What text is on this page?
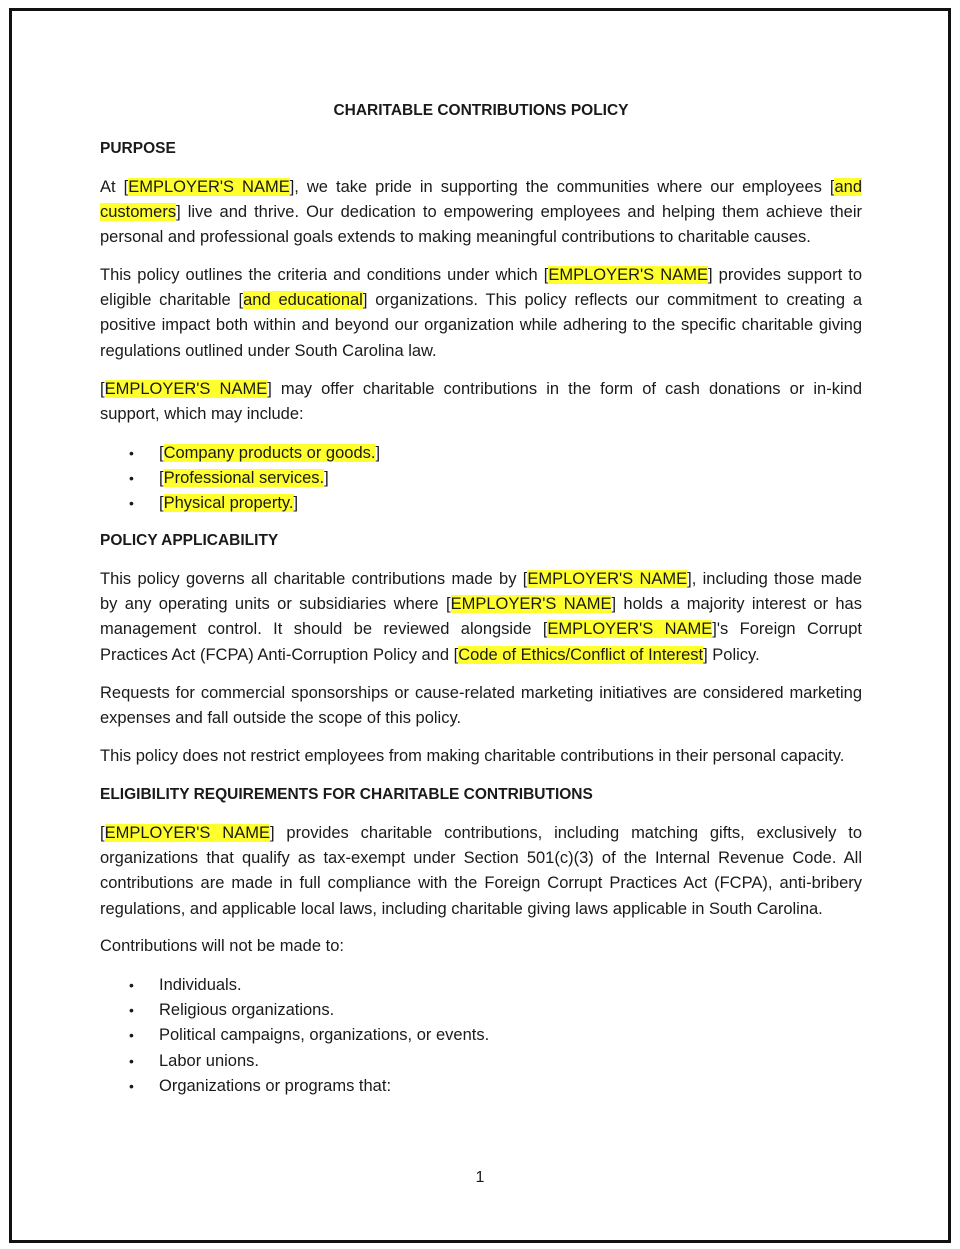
CHARITABLE CONTRIBUTIONS POLICY

PURPOSE

At [EMPLOYER'S NAME], we take pride in supporting the communities where our employees [and customers] live and thrive. Our dedication to empowering employees and helping them achieve their personal and professional goals extends to making meaningful contributions to charitable causes.

This policy outlines the criteria and conditions under which [EMPLOYER'S NAME] provides support to eligible charitable [and educational] organizations. This policy reflects our commitment to creating a positive impact both within and beyond our organization while adhering to the specific charitable giving regulations outlined under South Carolina law.

[EMPLOYER'S NAME] may offer charitable contributions in the form of cash donations or in-kind support, which may include:

• [Company products or goods.]
• [Professional services.]
• [Physical property.]

POLICY APPLICABILITY

This policy governs all charitable contributions made by [EMPLOYER'S NAME], including those made by any operating units or subsidiaries where [EMPLOYER'S NAME] holds a majority interest or has management control. It should be reviewed alongside [EMPLOYER'S NAME]'s Foreign Corrupt Practices Act (FCPA) Anti-Corruption Policy and [Code of Ethics/Conflict of Interest] Policy.

Requests for commercial sponsorships or cause-related marketing initiatives are considered marketing expenses and fall outside the scope of this policy.

This policy does not restrict employees from making charitable contributions in their personal capacity.

ELIGIBILITY REQUIREMENTS FOR CHARITABLE CONTRIBUTIONS

[EMPLOYER'S NAME] provides charitable contributions, including matching gifts, exclusively to organizations that qualify as tax-exempt under Section 501(c)(3) of the Internal Revenue Code. All contributions are made in full compliance with the Foreign Corrupt Practices Act (FCPA), anti-bribery regulations, and applicable local laws, including charitable giving laws applicable in South Carolina.

Contributions will not be made to:

• Individuals.
• Religious organizations.
• Political campaigns, organizations, or events.
• Labor unions.
• Organizations or programs that:

1
